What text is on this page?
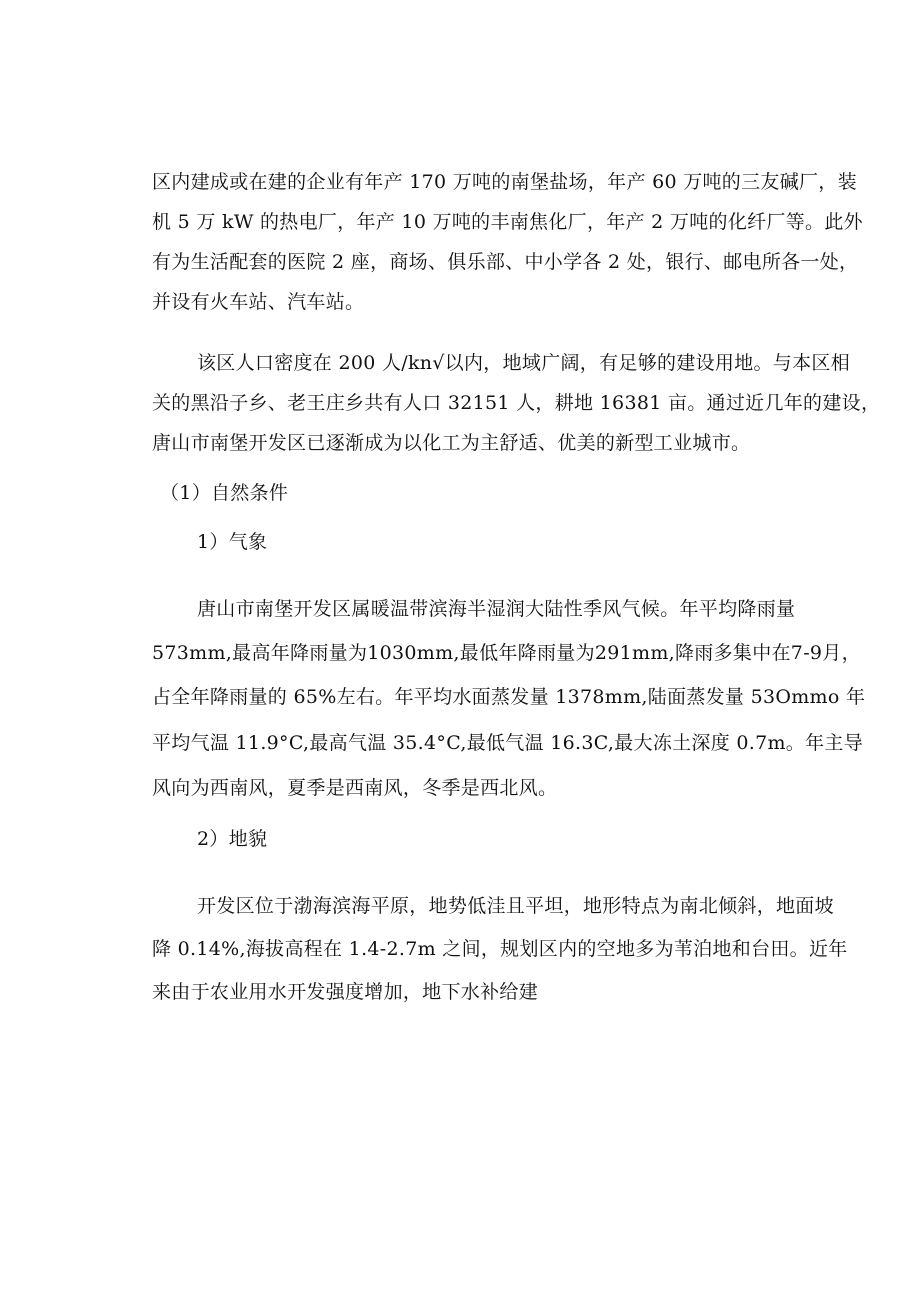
区内建成或在建的企业有年产 170 万吨的南堡盐场，年产 60 万吨的三友碱厂，装
机 5 万 kW 的热电厂，年产 10 万吨的丰南焦化厂，年产 2 万吨的化纤厂等。此外
有为生活配套的医院 2 座，商场、俱乐部、中小学各 2 处，银行、邮电所各一处，
并设有火车站、汽车站。
该区人口密度在 200 人/kn√以内，地域广阔，有足够的建设用地。与本区相
关的黑沿子乡、老王庄乡共有人口 32151 人，耕地 16381 亩。通过近几年的建设，
唐山市南堡开发区已逐渐成为以化工为主舒适、优美的新型工业城市。
（1）自然条件
1）气象
唐山市南堡开发区属暖温带滨海半湿润大陆性季风气候。年平均降雨量
573mm,最高年降雨量为1030mm,最低年降雨量为291mm,降雨多集中在7-9月，
占全年降雨量的 65%左右。年平均水面蒸发量 1378mm,陆面蒸发量 53Ommo 年
平均气温 11.9°C,最高气温 35.4°C,最低气温 16.3C,最大冻土深度 0.7m。年主导
风向为西南风，夏季是西南风，冬季是西北风。
2）地貌
开发区位于渤海滨海平原，地势低洼且平坦，地形特点为南北倾斜，地面坡
降 0.14%,海拔高程在 1.4-2.7m 之间，规划区内的空地多为苇泊地和台田。近年
来由于农业用水开发强度增加，地下水补给建
